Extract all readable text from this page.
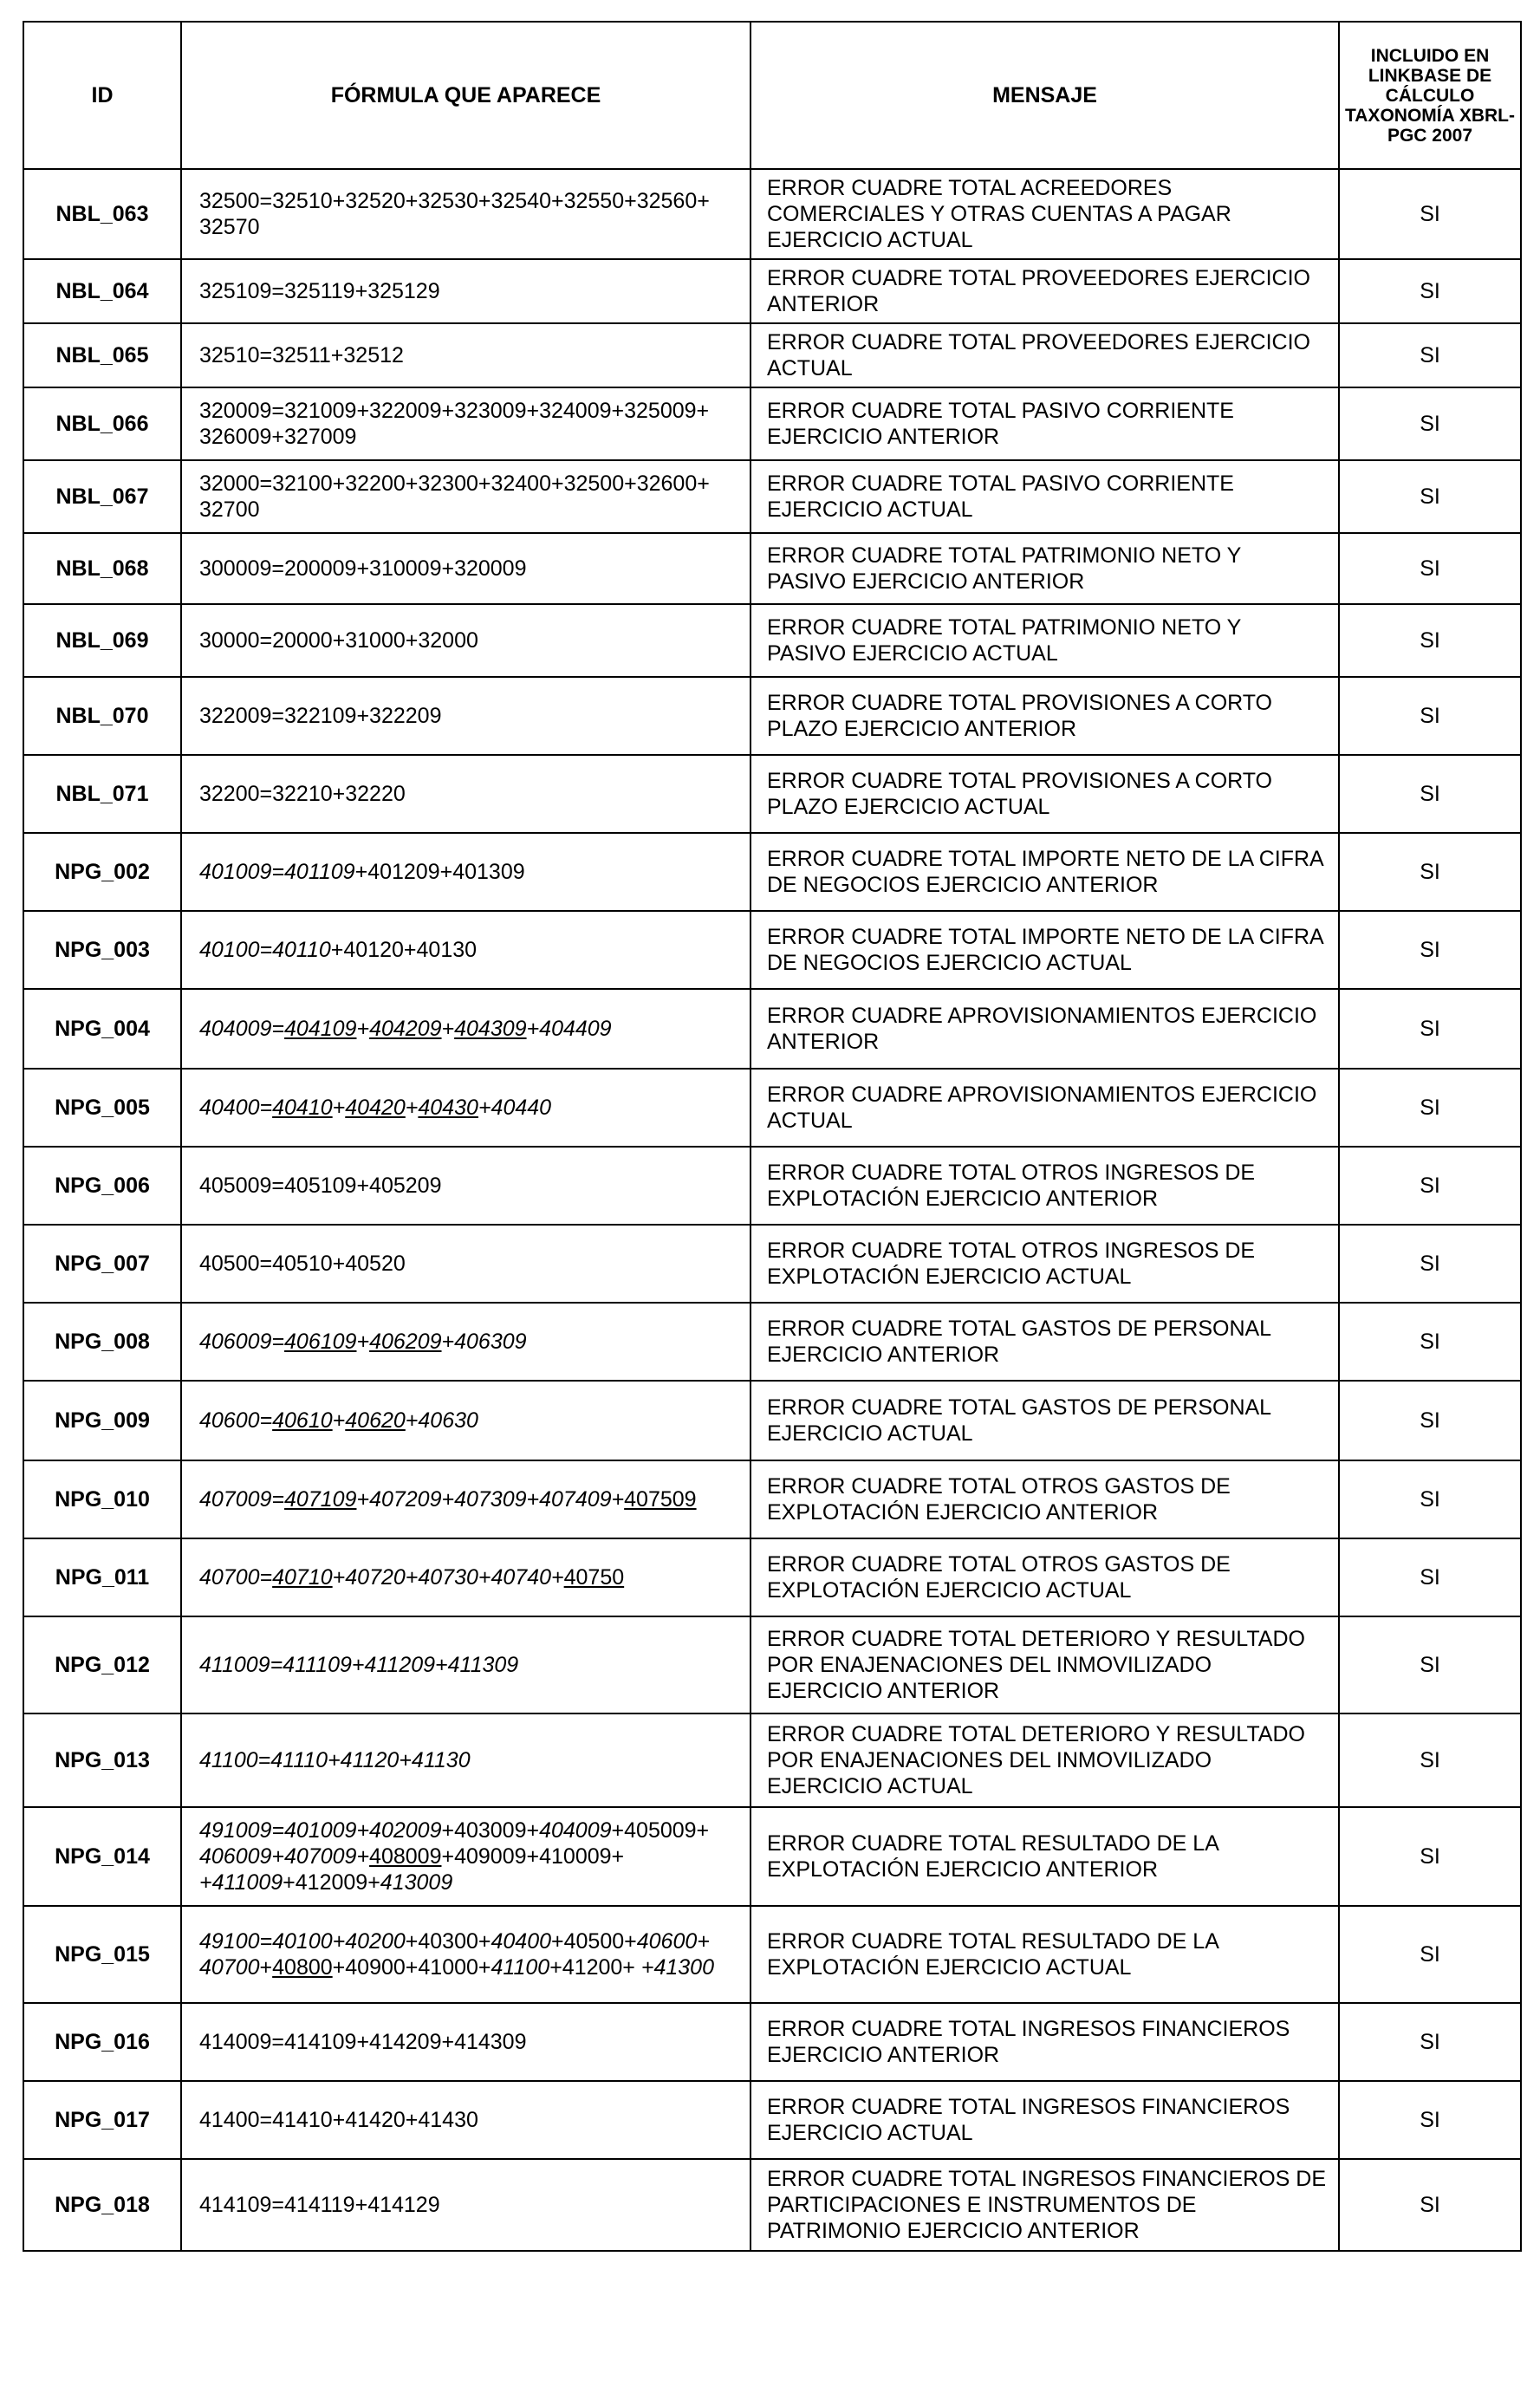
ID	FÓRMULA QUE APARECE	MENSAJE	INCLUIDO EN LINKBASE DE CÁLCULO TAXONOMÍA XBRL-PGC 2007
NBL_063	32500=32510+32520+32530+32540+32550+32560+ 32570	ERROR CUADRE TOTAL ACREEDORES COMERCIALES Y OTRAS CUENTAS A PAGAR EJERCICIO ACTUAL	SI
NBL_064	325109=325119+325129	ERROR CUADRE TOTAL PROVEEDORES EJERCICIO ANTERIOR	SI
NBL_065	32510=32511+32512	ERROR CUADRE TOTAL PROVEEDORES EJERCICIO ACTUAL	SI
NBL_066	320009=321009+322009+323009+324009+325009+ 326009+327009	ERROR CUADRE TOTAL PASIVO CORRIENTE EJERCICIO ANTERIOR	SI
NBL_067	32000=32100+32200+32300+32400+32500+32600+ 32700	ERROR CUADRE TOTAL PASIVO CORRIENTE EJERCICIO ACTUAL	SI
NBL_068	300009=200009+310009+320009	ERROR CUADRE TOTAL PATRIMONIO NETO Y PASIVO EJERCICIO ANTERIOR	SI
NBL_069	30000=20000+31000+32000	ERROR CUADRE TOTAL PATRIMONIO NETO Y PASIVO EJERCICIO ACTUAL	SI
NBL_070	322009=322109+322209	ERROR CUADRE TOTAL PROVISIONES A CORTO PLAZO EJERCICIO ANTERIOR	SI
NBL_071	32200=32210+32220	ERROR CUADRE TOTAL PROVISIONES A CORTO PLAZO EJERCICIO ACTUAL	SI
NPG_002	401009=401109+401209+401309	ERROR CUADRE TOTAL IMPORTE NETO DE LA CIFRA DE NEGOCIOS EJERCICIO ANTERIOR	SI
NPG_003	40100=40110+40120+40130	ERROR CUADRE TOTAL IMPORTE NETO DE LA CIFRA DE NEGOCIOS EJERCICIO ACTUAL	SI
NPG_004	404009=404109+404209+404309+404409	ERROR CUADRE APROVISIONAMIENTOS EJERCICIO ANTERIOR	SI
NPG_005	40400=40410+40420+40430+40440	ERROR CUADRE APROVISIONAMIENTOS EJERCICIO ACTUAL	SI
NPG_006	405009=405109+405209	ERROR CUADRE TOTAL OTROS INGRESOS DE EXPLOTACIÓN EJERCICIO ANTERIOR	SI
NPG_007	40500=40510+40520	ERROR CUADRE TOTAL OTROS INGRESOS DE EXPLOTACIÓN EJERCICIO ACTUAL	SI
NPG_008	406009=406109+406209+406309	ERROR CUADRE TOTAL GASTOS DE PERSONAL EJERCICIO ANTERIOR	SI
NPG_009	40600=40610+40620+40630	ERROR CUADRE TOTAL GASTOS DE PERSONAL EJERCICIO ACTUAL	SI
NPG_010	407009=407109+407209+407309+407409+407509	ERROR CUADRE TOTAL OTROS GASTOS DE EXPLOTACIÓN EJERCICIO ANTERIOR	SI
NPG_011	40700=40710+40720+40730+40740+40750	ERROR CUADRE TOTAL OTROS GASTOS DE EXPLOTACIÓN EJERCICIO ACTUAL	SI
NPG_012	411009=411109+411209+411309	ERROR CUADRE TOTAL DETERIORO Y RESULTADO POR ENAJENACIONES DEL INMOVILIZADO EJERCICIO ANTERIOR	SI
NPG_013	41100=41110+41120+41130	ERROR CUADRE TOTAL DETERIORO Y RESULTADO POR ENAJENACIONES DEL INMOVILIZADO EJERCICIO ACTUAL	SI
NPG_014	491009=401009+402009+403009+404009+405009+ 406009+407009+408009+409009+410009+ +411009+412009+413009	ERROR CUADRE TOTAL RESULTADO DE LA EXPLOTACIÓN EJERCICIO ANTERIOR	SI
NPG_015	49100=40100+40200+40300+40400+40500+40600+ 40700+40800+40900+41000+41100+41200+ +41300	ERROR CUADRE TOTAL RESULTADO DE LA EXPLOTACIÓN EJERCICIO ACTUAL	SI
NPG_016	414009=414109+414209+414309	ERROR CUADRE TOTAL INGRESOS FINANCIEROS EJERCICIO ANTERIOR	SI
NPG_017	41400=41410+41420+41430	ERROR CUADRE TOTAL INGRESOS FINANCIEROS EJERCICIO ACTUAL	SI
NPG_018	414109=414119+414129	ERROR CUADRE TOTAL INGRESOS FINANCIEROS DE PARTICIPACIONES E INSTRUMENTOS DE PATRIMONIO EJERCICIO ANTERIOR	SI
